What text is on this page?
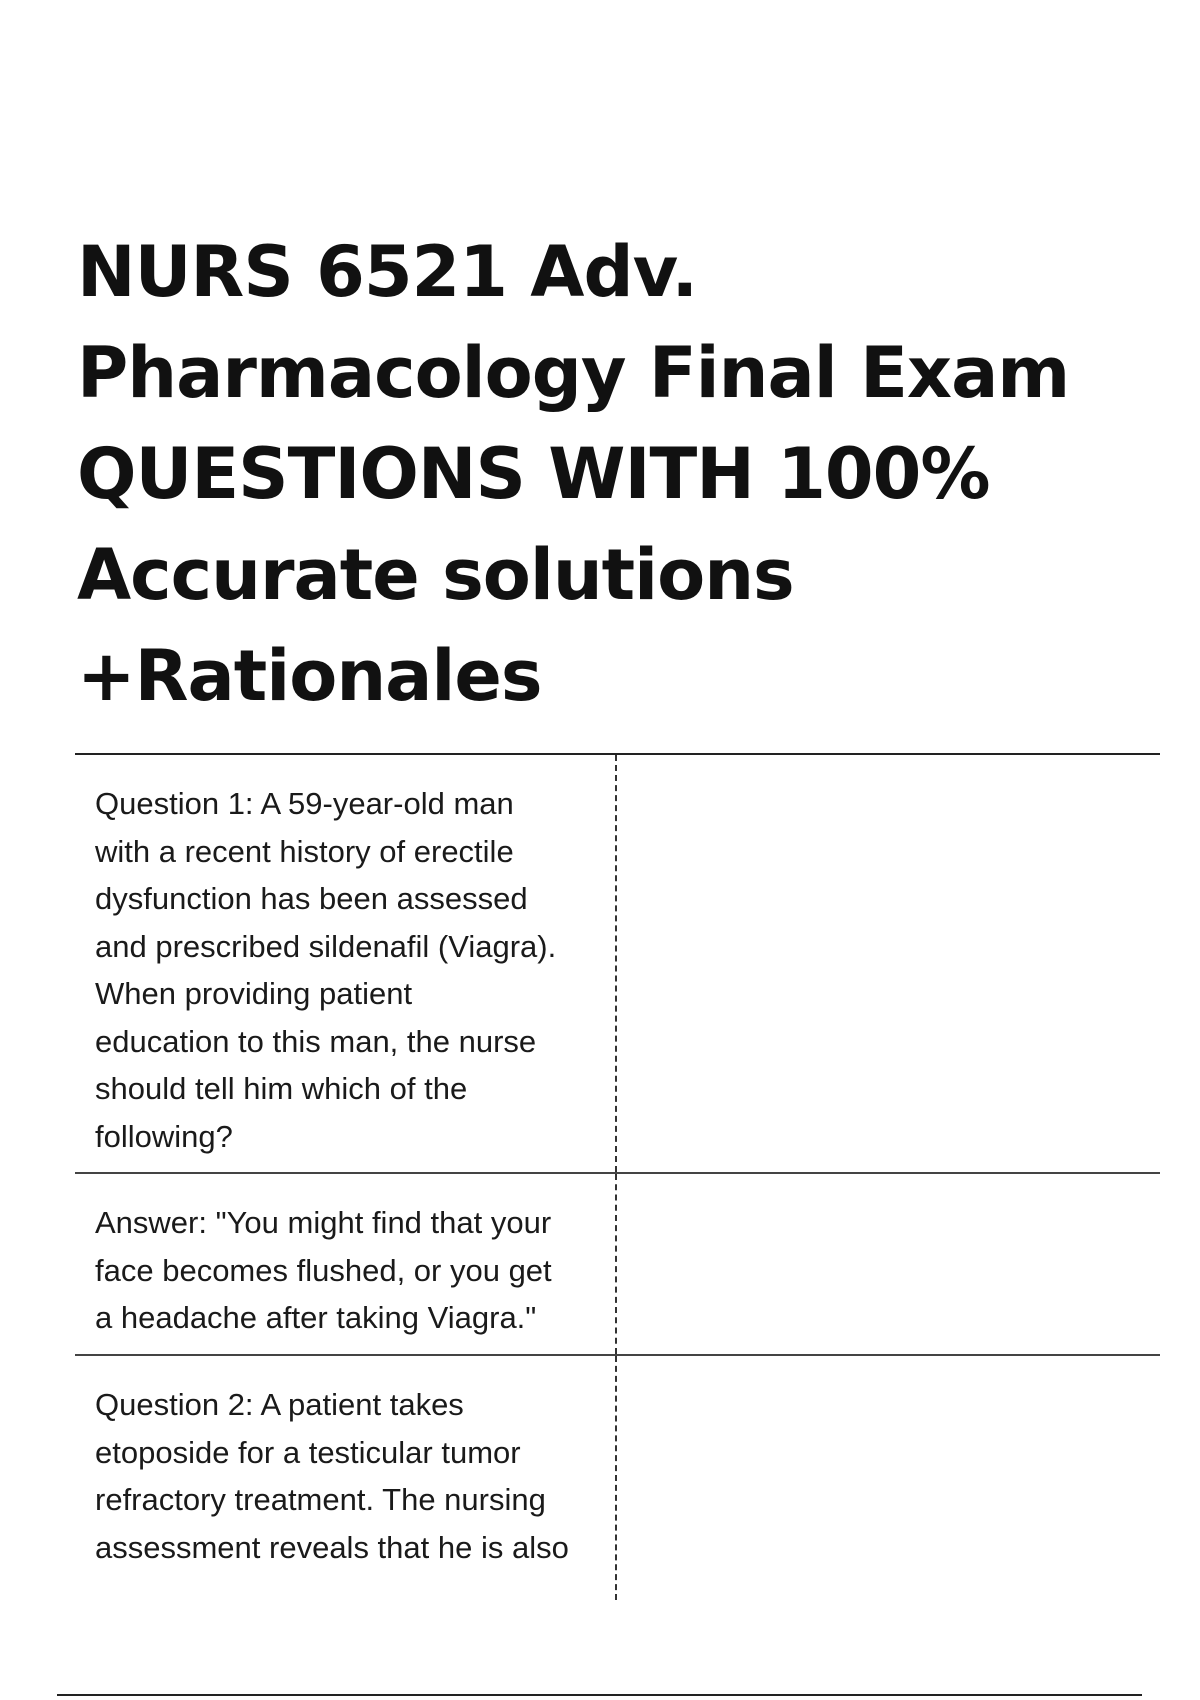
NURS 6521 Adv.
Pharmacology Final Exam
QUESTIONS WITH 100%
Accurate solutions
+Rationales
Question 1: A 59-year-old man
with a recent history of erectile
dysfunction has been assessed
and prescribed sildenafil (Viagra).
When providing patient
education to this man, the nurse
should tell him which of the
following?
Answer: "You might find that your
face becomes flushed, or you get
a headache after taking Viagra."
Question 2: A patient takes
etoposide for a testicular tumor
refractory treatment. The nursing
assessment reveals that he is also
